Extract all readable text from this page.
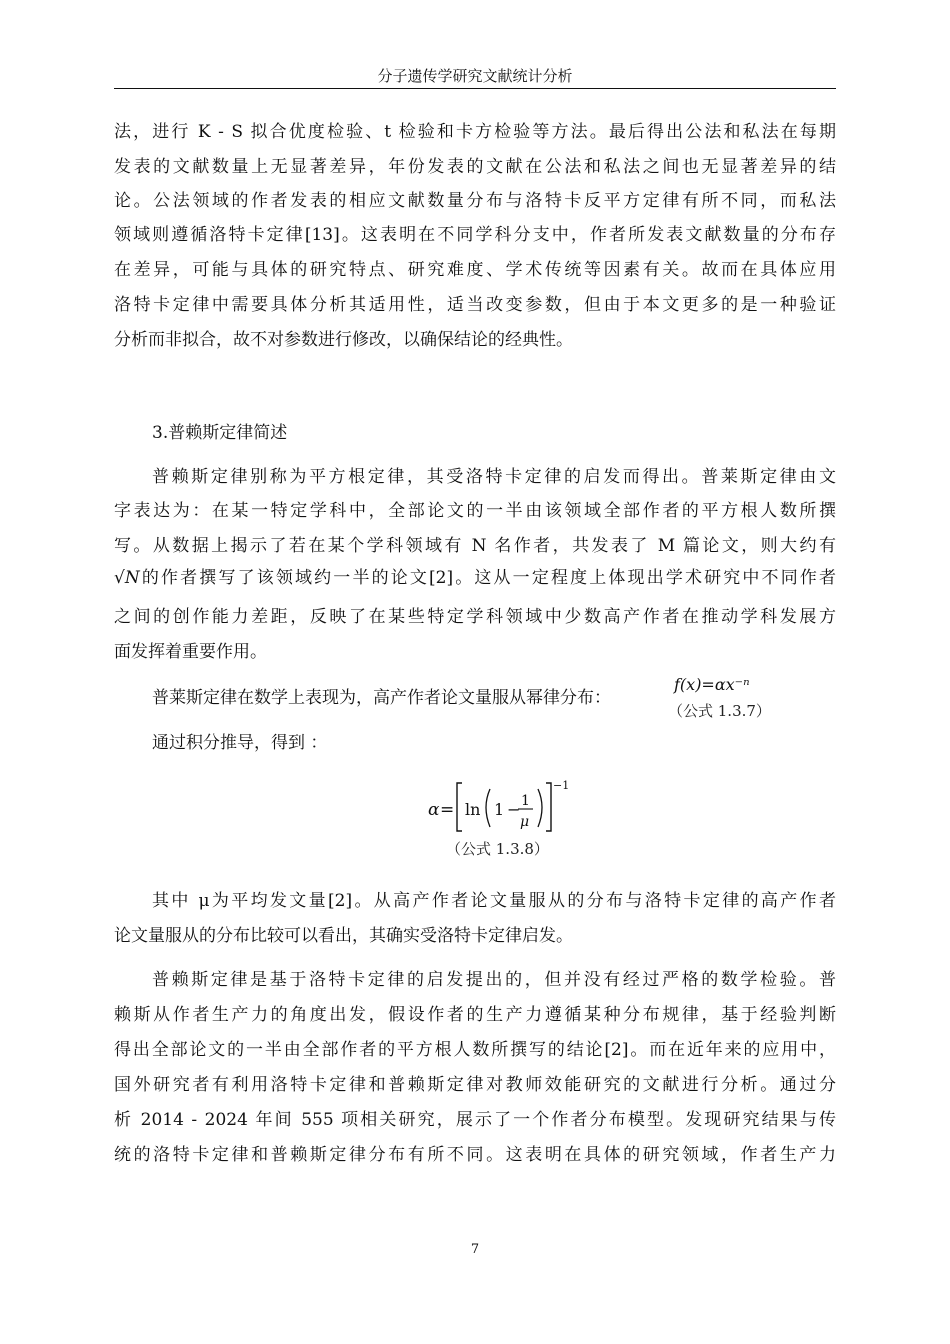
分子遗传学研究文献统计分析
法，进行 K - S 拟合优度检验、t 检验和卡方检验等方法。最后得出公法和私法在每期
发表的文献数量上无显著差异，年份发表的文献在公法和私法之间也无显著差异的结
论。公法领域的作者发表的相应文献数量分布与洛特卡反平方定律有所不同，而私法
领域则遵循洛特卡定律[13]。这表明在不同学科分支中，作者所发表文献数量的分布存
在差异，可能与具体的研究特点、研究难度、学术传统等因素有关。故而在具体应用
洛特卡定律中需要具体分析其适用性，适当改变参数，但由于本文更多的是一种验证
分析而非拟合，故不对参数进行修改，以确保结论的经典性。
3.普赖斯定律简述
普赖斯定律别称为平方根定律，其受洛特卡定律的启发而得出。普莱斯定律由文
字表达为：在某一特定学科中，全部论文的一半由该领域全部作者的平方根人数所撰
写。从数据上揭示了若在某个学科领域有 N 名作者，共发表了 M 篇论文，则大约有
√N的作者撰写了该领域约一半的论文[2]。这从一定程度上体现出学术研究中不同作者
之间的创作能力差距，反映了在某些特定学科领域中少数高产作者在推动学科发展方
面发挥着重要作用。
普莱斯定律在数学上表现为，高产作者论文量服从幂律分布：
f(x)=αx⁻ⁿ
（公式 1.3.7）
通过积分推导，得到 ：
α = ln 1 − 1
μ
−1
（公式 1.3.8）
其中 μ为平均发文量[2]。从高产作者论文量服从的分布与洛特卡定律的高产作者
论文量服从的分布比较可以看出，其确实受洛特卡定律启发。
普赖斯定律是基于洛特卡定律的启发提出的，但并没有经过严格的数学检验。普
赖斯从作者生产力的角度出发，假设作者的生产力遵循某种分布规律，基于经验判断
得出全部论文的一半由全部作者的平方根人数所撰写的结论[2]。而在近年来的应用中，
国外研究者有利用洛特卡定律和普赖斯定律对教师效能研究的文献进行分析。通过分
析 2014 - 2024 年间 555 项相关研究，展示了一个作者分布模型。发现研究结果与传
统的洛特卡定律和普赖斯定律分布有所不同。这表明在具体的研究领域，作者生产力
7
